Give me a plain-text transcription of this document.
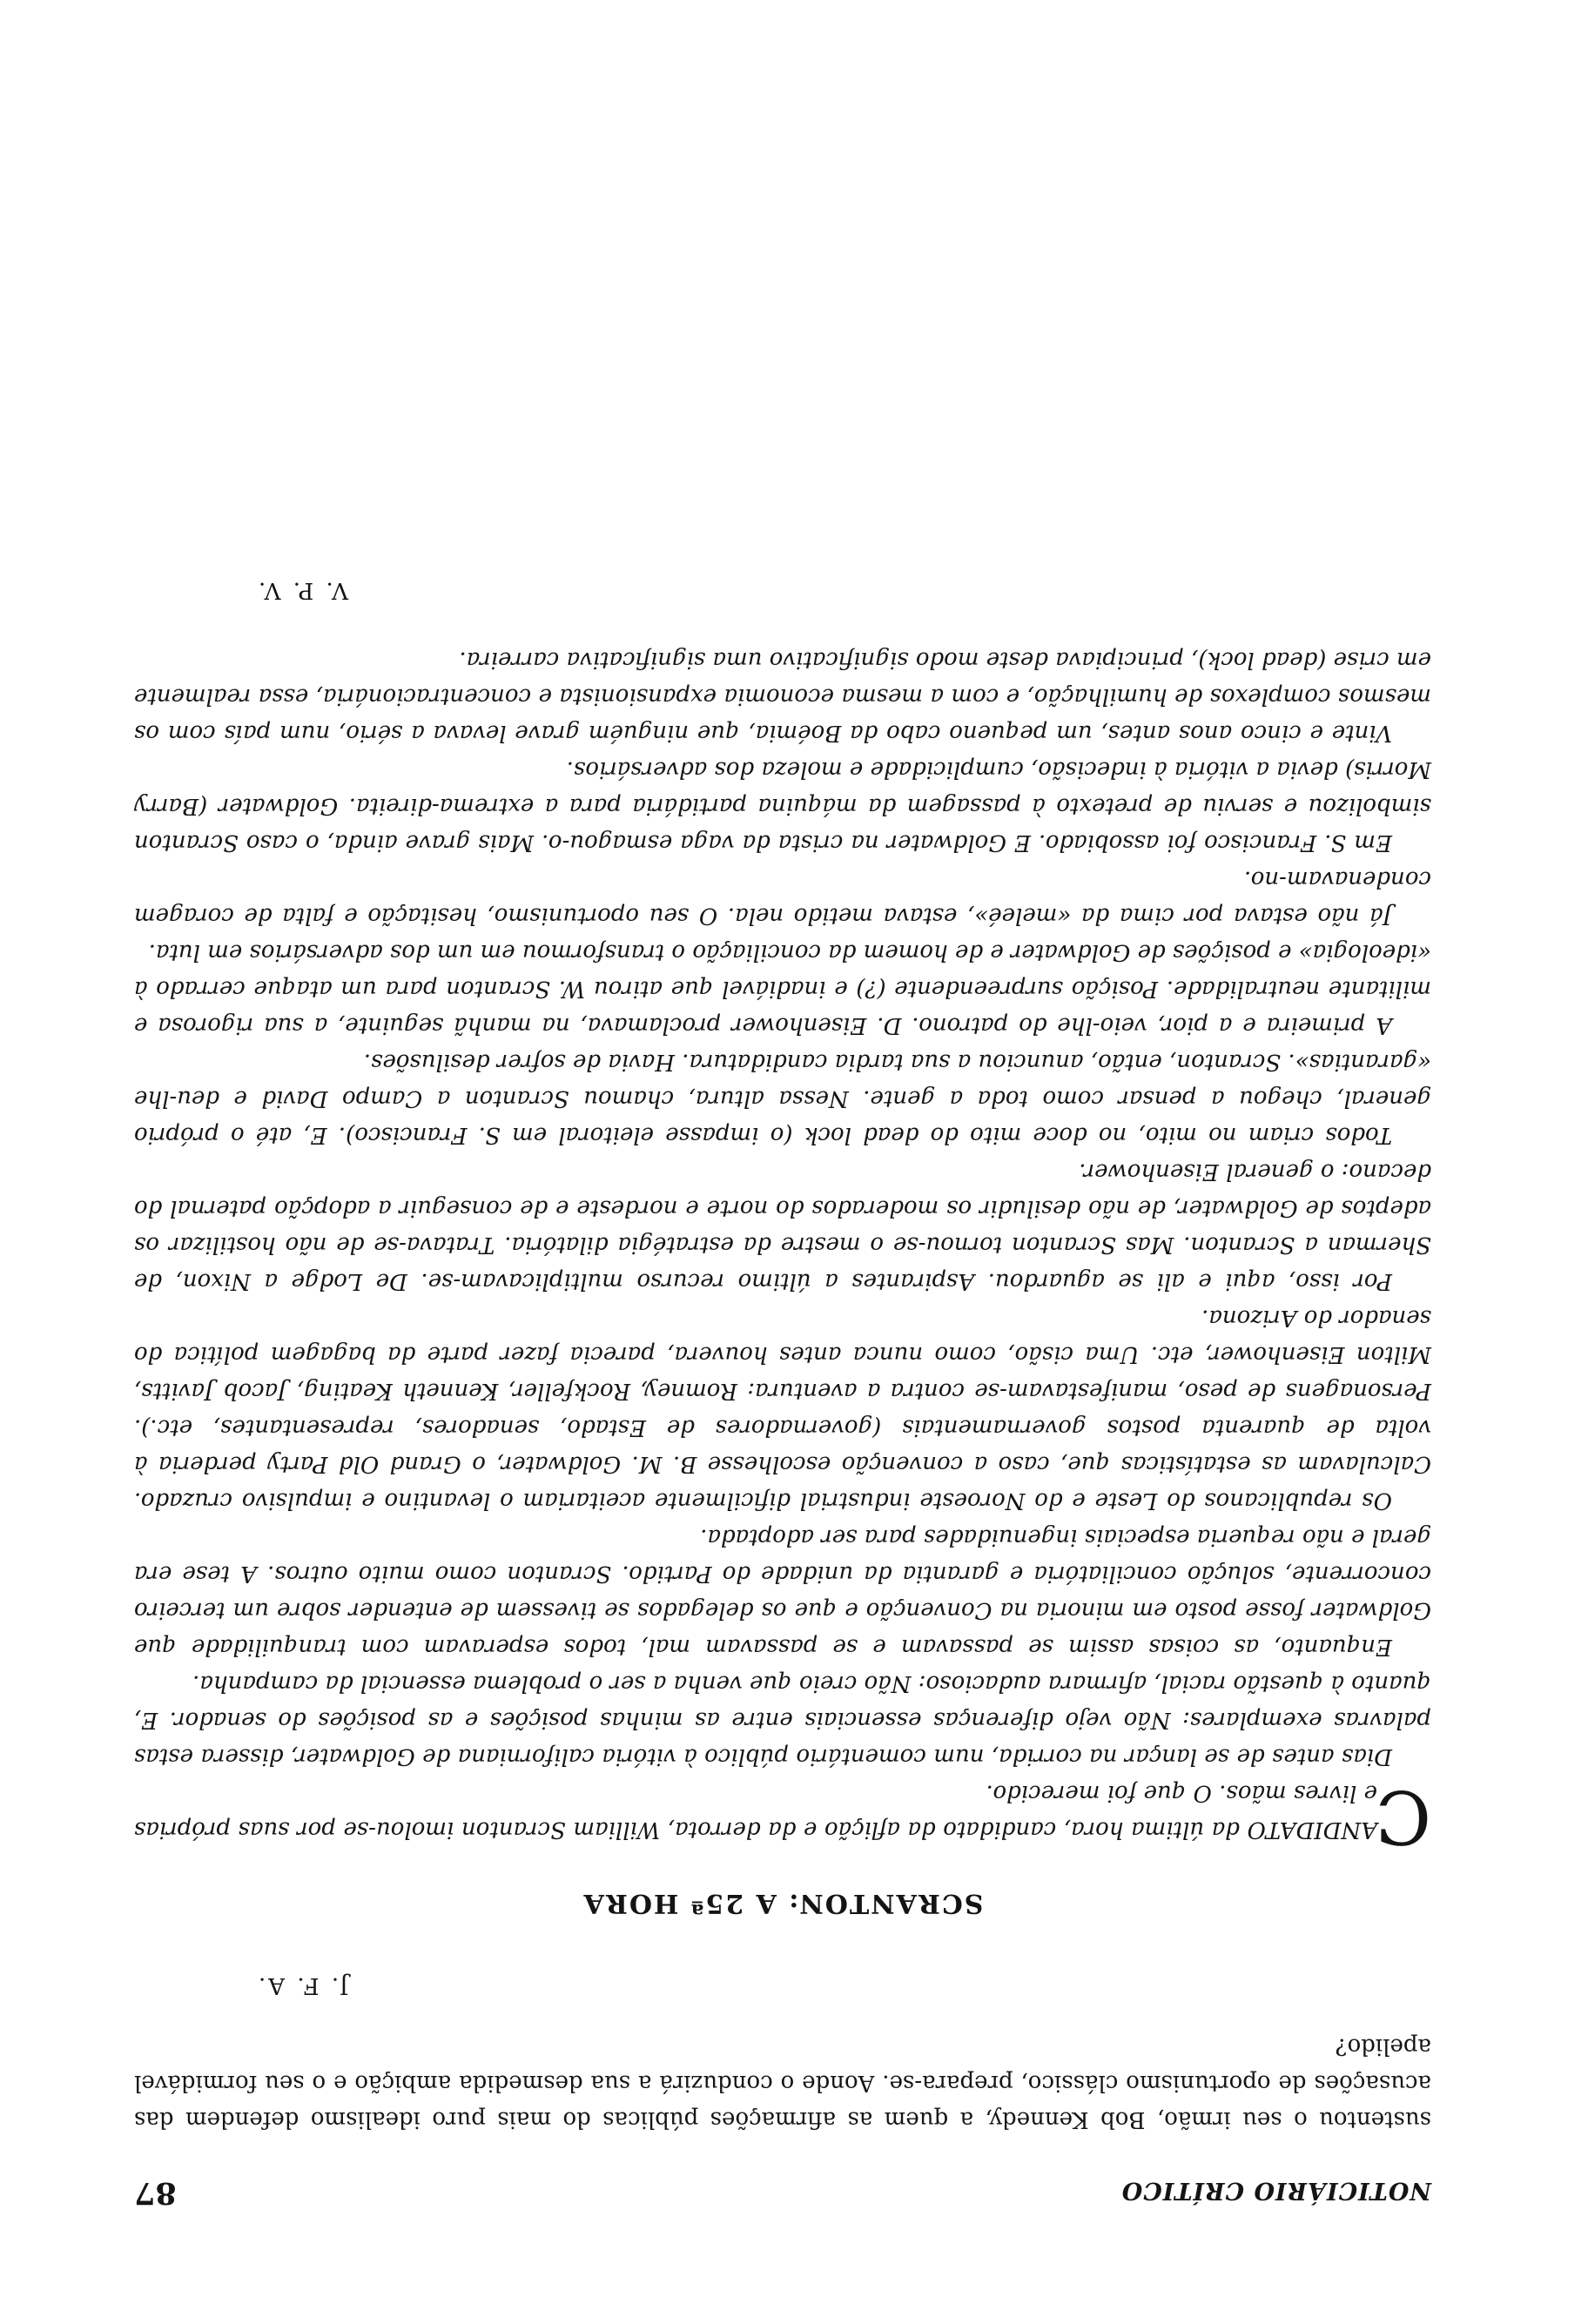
NOTICIÁRIO CRÍTICO
87

sustentou o seu irmão, Bob Kennedy, a quem as afirmações públicas do mais puro idealismo defendem das acusações de oportunismo clássico, prepara-se. Aonde o conduzirá a sua desmedida ambição e o seu formidável apelido?

J. F. A.
SCRANTON: A 25ª HORA
C

ANDIDATO da última hora, candidato da aflição e da derrota, William Scranton imolou-se por suas próprias e livres mãos. O que foi merecido.

Dias antes de se lançar na corrida, num comentário público à vitória californiana de Goldwater, dissera estas palavras exemplares: Não vejo diferenças essenciais entre as minhas posições e as posições do senador. E, quanto à questão racial, afirmara audacioso: Não creio que venha a ser o problema essencial da campanha.

Enquanto, as coisas assim se passavam e se passavam mal, todos esperavam com tranquilidade que Goldwater fosse posto em minoria na Convenção e que os delegados se tivessem de entender sobre um terceiro concorrente, solução conciliatória e garantia da unidade do Partido. Scranton como muito outros. A tese era geral e não requeria especiais ingenuidades para ser adoptada.

Os republicanos do Leste e do Noroeste industrial dificilmente aceitariam o levantino e impulsivo cruzado. Calculavam as estatísticas que, caso a convenção escolhesse B. M. Goldwater, o Grand Old Party perderia à volta de quarenta postos governamentais (governadores de Estado, senadores, representantes, etc.). Personagens de peso, manifestavam-se contra a aventura: Romney, Rockfeller, Kenneth Keating, Jacob Javitts, Milton Eisenhower, etc. Uma cisão, como nunca antes houvera, parecia fazer parte da bagagem política do senador do Arizona.

Por isso, aqui e ali se aguardou. Aspirantes a último recurso multiplicavam-se. De Lodge a Nixon, de Sherman a Scranton. Mas Scranton tornou-se o mestre da estratégia dilatória. Tratava-se de não hostilizar os adeptos de Goldwater, de não desiludir os moderados do norte e nordeste e de conseguir a adopção paternal do decano: o general Eisenhower.

Todos criam no mito, no doce mito do dead lock (o impasse eleitoral em S. Francisco). E, até o próprio general, chegou a pensar como toda a gente. Nessa altura, chamou Scranton a Campo David e deu-lhe «garantias». Scranton, então, anunciou a sua tardia candidatura. Havia de sofrer desilusões.

A primeira e a pior, veio-lhe do patrono. D. Eisenhower proclamava, na manhã seguinte, a sua rigorosa e militante neutralidade. Posição surpreendente (?) e inadiável que atirou W. Scranton para um ataque cerrado à «ideologia» e posições de Goldwater e de homem da conciliação o transformou em um dos adversários em luta.

Já não estava por cima da «meleé», estava metido nela. O seu oportunismo, hesitação e falta de coragem condenavam-no.

Em S. Francisco foi assobiado. E Goldwater na crista da vaga esmagou-o. Mais grave ainda, o caso Scranton simbolizou e serviu de pretexto à passagem da máquina partidária para a extrema-direita. Goldwater (Barry Morris) devia a vitória à indecisão, cumplicidade e moleza dos adversários.

Vinte e cinco anos antes, um pequeno cabo da Boémia, que ninguém grave levava a sério, num país com os mesmos complexos de humilhação, e com a mesma economia expansionista e concentracionária, essa realmente em crise (dead lock), principiava deste modo significativo uma significativa carreira.

V. P. V.
